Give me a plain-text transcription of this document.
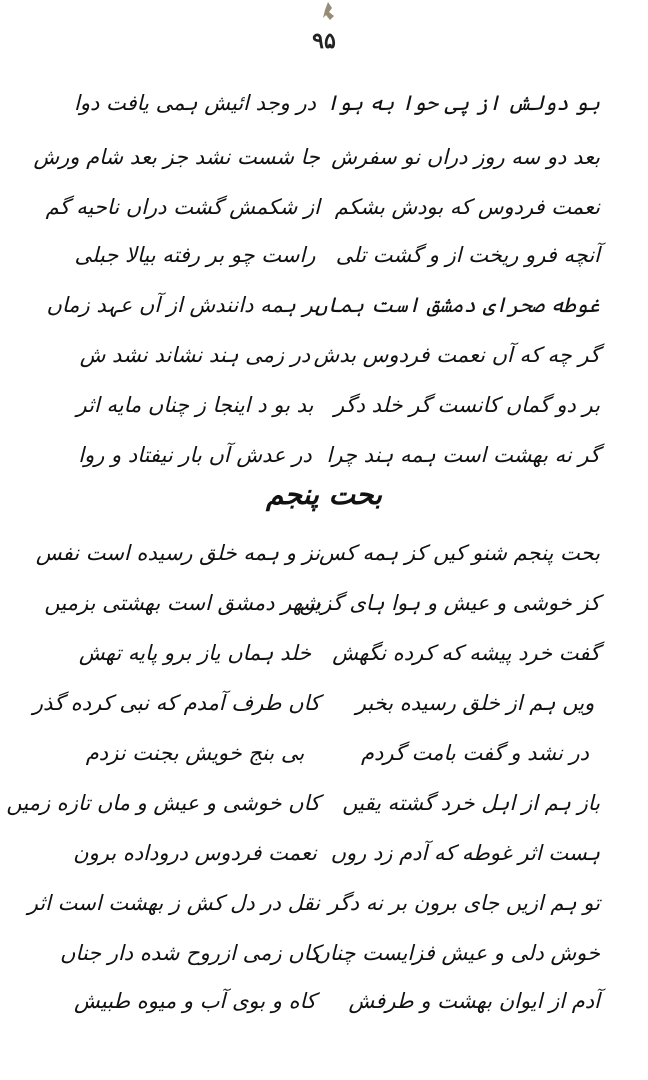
۹۵
بو دولش از پی حوا به ہوا
در وجد ائیش ہمی یافت دوا
بعد دو سه روز دراں نو سفرش
جا شست نشد جز بعد شام ورش
نعمت فردوس که بودش بشکم
از شکمش گشت دراں ناحیه گم
آنچه فرو ریخت از و گشت تلی
راست چو بر رفته بیالا جبلی
غوطه صحرای دمشق است ہماں
بر ہمه دانندش از آں عہد زماں
گر چه که آں نعمت فردوس بدش
در زمی ہند نشاند نشد ش
بر دو گماں کانست گر خلد دگر
بد بو د اینجا ز چناں مایه اثر
گر نه بهشت است ہمه ہند چرا
در عدش آں بار نیفتاد و روا
بحت پنجم
بحت پنجم شنو کیں کز ہمه کس
نز و ہمه خلق رسیده است نفس
کز خوشی و عیش و ہوا ہای گزیں
شهر دمشق است بهشتی بزمیں
گفت خرد پیشه که کرده نگهش
خلد ہماں یاز برو پایه تهش
ویں ہم از خلق رسیده بخبر
کاں طرف آمدم که نبی کرده گذر
در نشد و گفت بامت گردم
بی بنج خویش بجنت نزدم
باز ہم از اہل خرد گشته یقیں
کاں خوشی و عیش و ماں تازه زمیں
ہست اثر غوطه که آدم زد روں
نعمت فردوس دروداده برون
تو ہم ازیں جای برون بر نه دگر
نقل در دل کش ز بهشت است اثر
خوش دلی و عیش فزایست چناں
کاں زمی ازروح شده دار جناں
آدم از ایوان بهشت و طرفش
کاه و بوی آب و میوه طبیش
